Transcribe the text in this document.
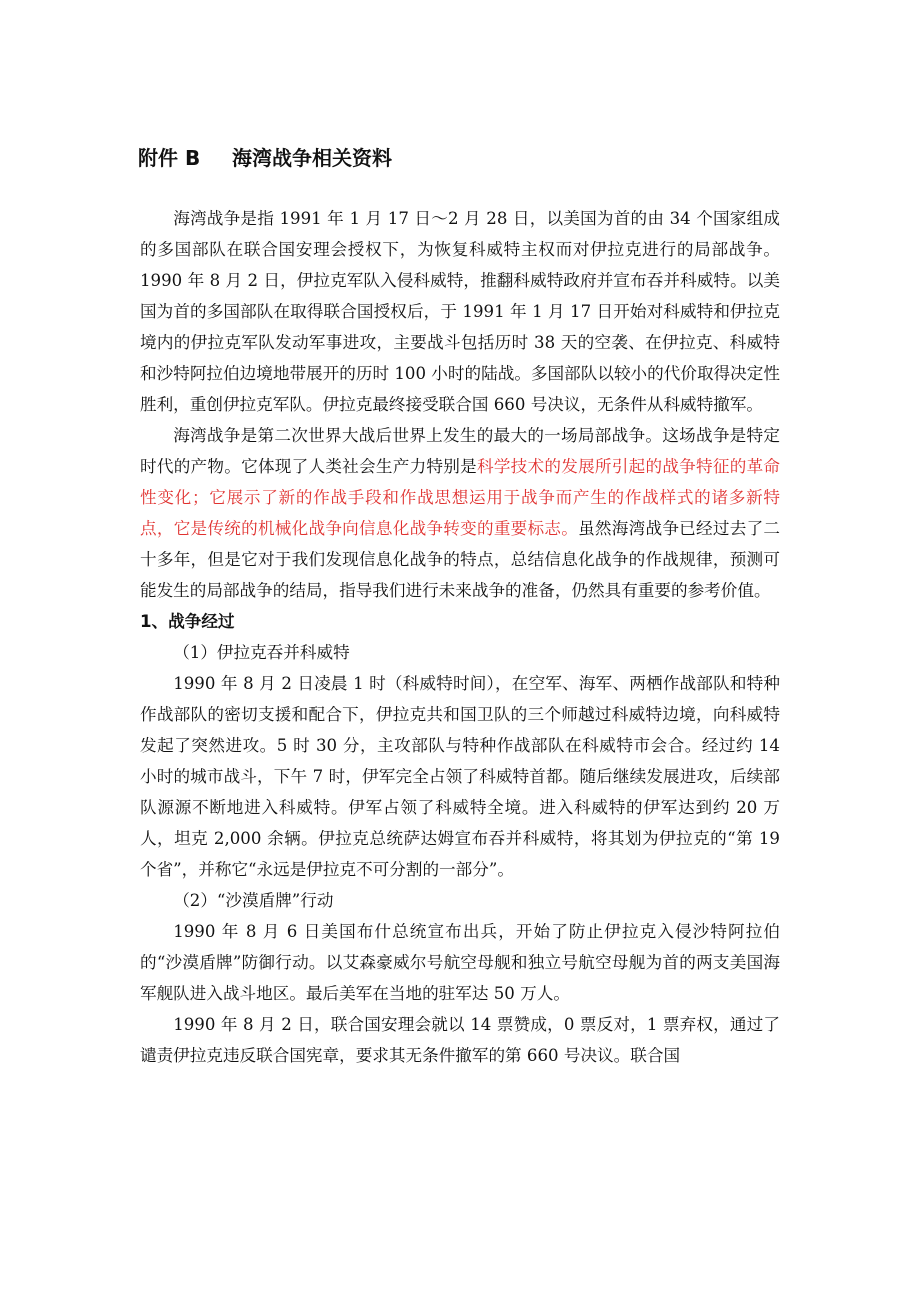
附件 B 海湾战争相关资料

海湾战争是指 1991 年 1 月 17 日～2 月 28 日，以美国为首的由 34 个国家组成的多国部队在联合国安理会授权下，为恢复科威特主权而对伊拉克进行的局部战争。1990 年 8 月 2 日，伊拉克军队入侵科威特，推翻科威特政府并宣布吞并科威特。以美国为首的多国部队在取得联合国授权后，于 1991 年 1 月 17 日开始对科威特和伊拉克境内的伊拉克军队发动军事进攻，主要战斗包括历时 38 天的空袭、在伊拉克、科威特和沙特阿拉伯边境地带展开的历时 100 小时的陆战。多国部队以较小的代价取得决定性胜利，重创伊拉克军队。伊拉克最终接受联合国 660 号决议，无条件从科威特撤军。

海湾战争是第二次世界大战后世界上发生的最大的一场局部战争。这场战争是特定时代的产物。它体现了人类社会生产力特别是科学技术的发展所引起的战争特征的革命性变化；它展示了新的作战手段和作战思想运用于战争而产生的作战样式的诸多新特点，它是传统的机械化战争向信息化战争转变的重要标志。虽然海湾战争已经过去了二十多年，但是它对于我们发现信息化战争的特点，总结信息化战争的作战规律，预测可能发生的局部战争的结局，指导我们进行未来战争的准备，仍然具有重要的参考价值。

1、战争经过

（1）伊拉克吞并科威特

1990 年 8 月 2 日凌晨 1 时（科威特时间），在空军、海军、两栖作战部队和特种作战部队的密切支援和配合下，伊拉克共和国卫队的三个师越过科威特边境，向科威特发起了突然进攻。5 时 30 分，主攻部队与特种作战部队在科威特市会合。经过约 14 小时的城市战斗，下午 7 时，伊军完全占领了科威特首都。随后继续发展进攻，后续部队源源不断地进入科威特。伊军占领了科威特全境。进入科威特的伊军达到约 20 万人，坦克 2,000 余辆。伊拉克总统萨达姆宣布吞并科威特，将其划为伊拉克的“第 19 个省”，并称它“永远是伊拉克不可分割的一部分”。

（2）“沙漠盾牌”行动

1990 年 8 月 6 日美国布什总统宣布出兵，开始了防止伊拉克入侵沙特阿拉伯的“沙漠盾牌”防御行动。以艾森豪威尔号航空母舰和独立号航空母舰为首的两支美国海军舰队进入战斗地区。最后美军在当地的驻军达 50 万人。

1990 年 8 月 2 日，联合国安理会就以 14 票赞成，0 票反对，1 票弃权，通过了谴责伊拉克违反联合国宪章，要求其无条件撤军的第 660 号决议。联合国
